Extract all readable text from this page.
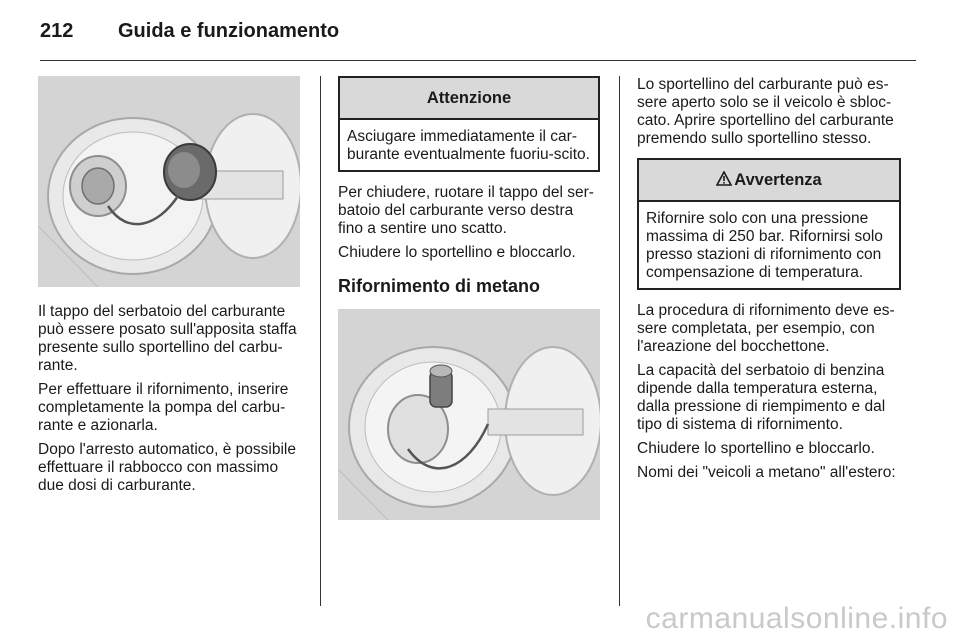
212 Guida e funzionamento

Il tappo del serbatoio del carburante può essere posato sull'apposita staffa presente sullo sportellino del carbu-rante.

Per effettuare il rifornimento, inserire completamente la pompa del carbu-rante e azionarla.

Dopo l'arresto automatico, è possibile effettuare il rabbocco con massimo due dosi di carburante.

Attenzione
Asciugare immediatamente il car-burante eventualmente fuoriu-scito.

Per chiudere, ruotare il tappo del ser-batoio del carburante verso destra fino a sentire uno scatto.

Chiudere lo sportellino e bloccarlo.

Rifornimento di metano

Lo sportellino del carburante può es-sere aperto solo se il veicolo è sbloc-cato. Aprire sportellino del carburante premendo sullo sportellino stesso.

Avvertenza
Rifornire solo con una pressione massima di 250 bar. Rifornirsi solo presso stazioni di rifornimento con compensazione di temperatura.

La procedura di rifornimento deve es-sere completata, per esempio, con l'areazione del bocchettone.

La capacità del serbatoio di benzina dipende dalla temperatura esterna, dalla pressione di riempimento e dal tipo di sistema di rifornimento.

Chiudere lo sportellino e bloccarlo.

Nomi dei "veicoli a metano" all'estero:

carmanualsonline.info
